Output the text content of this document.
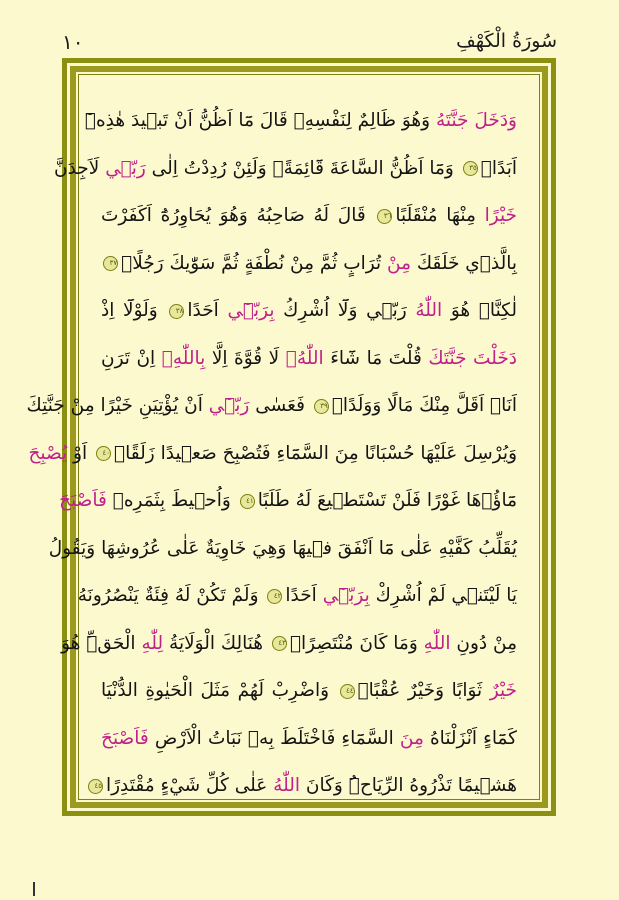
١٠	سُورَةُ الْكَهْفِ
وَدَخَلَ جَنَّتَهُ وَهُوَ ظَالِمٌ لِنَفْسِهِۚ قَالَ مَٓا اَظُنُّ اَنْ تَب۪يدَ هٰذِه۪ٓ
اَبَدًاۙ٣٥ وَمَٓا اَظُنُّ السَّاعَةَ قَٓائِمَةًۙ وَلَئِنْ رُدِدْتُ اِلٰى رَبّ۪ي لَاَجِدَنَّ
خَيْرًا مِنْهَا مُنْقَلَبًا٣٦ قَالَ لَهُ صَاحِبُهُ وَهُوَ يُحَاوِرُهُٓ اَكَفَرْتَ
بِالَّذ۪ي خَلَقَكَ مِنْ تُرَابٍ ثُمَّ مِنْ نُطْفَةٍ ثُمَّ سَوّٰيكَ رَجُلًاۜ٣٧
لٰكِنَّا۬ هُوَ اللّٰهُ رَبّ۪ي وَلَٓا اُشْرِكُ بِرَبّ۪ٓي اَحَدًا٣٨ وَلَوْلَٓا اِذْ
دَخَلْتَ جَنَّتَكَ قُلْتَ مَا شَٓاءَ اللّٰهُۙ لَا قُوَّةَ اِلَّا بِاللّٰهِۚ اِنْ تَرَنِ
اَنَا۬ اَقَلَّ مِنْكَ مَالًا وَوَلَدًاۚ٣٩ فَعَسٰى رَبّ۪ٓي اَنْ يُؤْتِيَنِ خَيْرًا مِنْ جَنَّتِكَ
وَيُرْسِلَ عَلَيْهَا حُسْبَانًا مِنَ السَّمَٓاءِ فَتُصْبِحَ صَع۪يدًا زَلَقًاۙ٤٠ اَوْ يُصْبِحَ
مَٓاؤُ۬هَا غَوْرًا فَلَنْ تَسْتَط۪يعَ لَهُ طَلَبًا٤١ وَاُح۪يطَ بِثَمَرِه۪ فَاَصْبَحَ
يُقَلِّبُ كَفَّيْهِ عَلٰى مَٓا اَنْفَقَ ف۪يهَا وَهِيَ خَاوِيَةٌ عَلٰى عُرُوشِهَا وَيَقُولُ
يَا لَيْتَن۪ي لَمْ اُشْرِكْ بِرَبّ۪ٓي اَحَدًا٤٢ وَلَمْ تَكُنْ لَهُ فِئَةٌ يَنْصُرُونَهُ
مِنْ دُونِ اللّٰهِ وَمَا كَانَ مُنْتَصِرًاۜ٤٣ هُنَالِكَ الْوَلَايَةُ لِلّٰهِ الْحَقِّۜ هُوَ
خَيْرٌ ثَوَابًا وَخَيْرٌ عُقْبًا۟٤٤ وَاضْرِبْ لَهُمْ مَثَلَ الْحَيٰوةِ الدُّنْيَا
كَمَٓاءٍ اَنْزَلْنَاهُ مِنَ السَّمَٓاءِ فَاخْتَلَطَ بِه۪ نَبَاتُ الْاَرْضِ فَاَصْبَحَ
هَش۪يمًا تَذْرُوهُ الرِّيَاحُۜ وَكَانَ اللّٰهُ عَلٰى كُلِّ شَيْءٍ مُقْتَدِرًا٤٥
